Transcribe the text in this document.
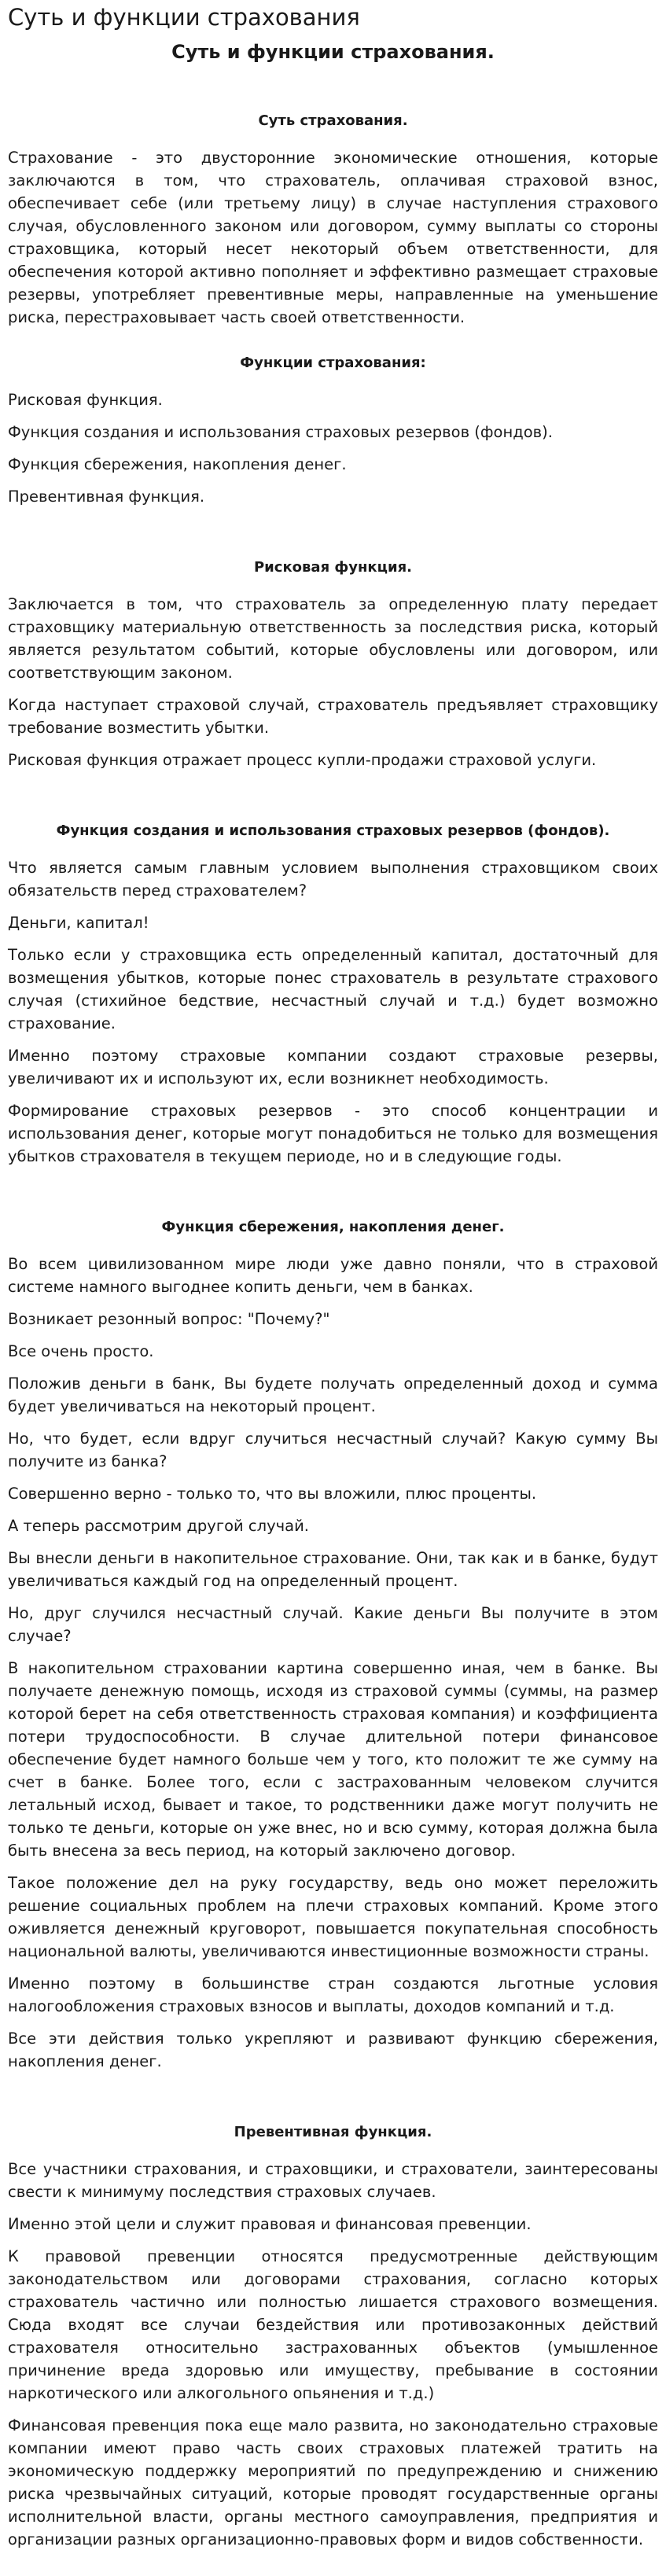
Суть и функции страхования
Суть и функции страхования.
Суть страхования.

Страхование - это двусторонние экономические отношения, которые заключаются в том, что страхователь, оплачивая страховой взнос, обеспечивает себе (или третьему лицу) в случае наступления страхового случая, обусловленного законом или договором, сумму выплаты со стороны страховщика, который несет некоторый объем ответственности, для обеспечения которой активно пополняет и эффективно размещает страховые резервы, употребляет превентивные меры, направленные на уменьшение риска, перестраховывает часть своей ответственности.

Функции страхования:

Рисковая функция.

Функция создания и использования страховых резервов (фондов).

Функция сбережения, накопления денег.

Превентивная функция.

Рисковая функция.

Заключается в том, что страхователь за определенную плату передает страховщику материальную ответственность за последствия риска, который является результатом событий, которые обусловлены или договором, или соответствующим законом.

Когда наступает страховой случай, страхователь предъявляет страховщику требование возместить убытки.

Рисковая функция отражает процесс купли-продажи страховой услуги.

Функция создания и использования страховых резервов (фондов).

Что является самым главным условием выполнения страховщиком своих обязательств перед страхователем?

Деньги, капитал!

Только если у страховщика есть определенный капитал, достаточный для возмещения убытков, которые понес страхователь в результате страхового случая (стихийное бедствие, несчастный случай и т.д.) будет возможно страхование.

Именно поэтому страховые компании создают страховые резервы, увеличивают их и используют их, если возникнет необходимость.

Формирование страховых резервов - это способ концентрации и использования денег, которые могут понадобиться не только для возмещения убытков страхователя в текущем периоде, но и в следующие годы.

Функция сбережения, накопления денег.

Во всем цивилизованном мире люди уже давно поняли, что в страховой системе намного выгоднее копить деньги, чем в банках.

Возникает резонный вопрос: "Почему?"

Все очень просто.

Положив деньги в банк, Вы будете получать определенный доход и сумма будет увеличиваться на некоторый процент.

Но, что будет, если вдруг случиться несчастный случай? Какую сумму Вы получите из банка?

Совершенно верно - только то, что вы вложили, плюс проценты.

А теперь рассмотрим другой случай.

Вы внесли деньги в накопительное страхование. Они, так как и в банке, будут увеличиваться каждый год на определенный процент.

Но, друг случился несчастный случай. Какие деньги Вы получите в этом случае?

В накопительном страховании картина совершенно иная, чем в банке. Вы получаете денежную помощь, исходя из страховой суммы (суммы, на размер которой берет на себя ответственность страховая компания) и коэффициента потери трудоспособности. В случае длительной потери финансовое обеспечение будет намного больше чем у того, кто положит те же сумму на счет в банке. Более того, если с застрахованным человеком случится летальный исход, бывает и такое, то родственники даже могут получить не только те деньги, которые он уже внес, но и всю сумму, которая должна была быть внесена за весь период, на который заключено договор.

Такое положение дел на руку государству, ведь оно может переложить решение социальных проблем на плечи страховых компаний. Кроме этого оживляется денежный круговорот, повышается покупательная способность национальной валюты, увеличиваются инвестиционные возможности страны.

Именно поэтому в большинстве стран создаются льготные условия налогообложения страховых взносов и выплаты, доходов компаний и т.д.

Все эти действия только укрепляют и развивают функцию сбережения, накопления денег.

Превентивная функция.

Все участники страхования, и страховщики, и страхователи, заинтересованы свести к минимуму последствия страховых случаев.

Именно этой цели и служит правовая и финансовая превенции.

К правовой превенции относятся предусмотренные действующим законодательством или договорами страхования, согласно которых страхователь частично или полностью лишается страхового возмещения. Сюда входят все случаи бездействия или противозаконных действий страхователя относительно застрахованных объектов (умышленное причинение вреда здоровью или имуществу, пребывание в состоянии наркотического или алкогольного опьянения и т.д.)

Финансовая превенция пока еще мало развита, но законодательно страховые компании имеют право часть своих страховых платежей тратить на экономическую поддержку мероприятий по предупреждению и снижению риска чрезвычайных ситуаций, которые проводят государственные органы исполнительной власти, органы местного самоуправления, предприятия и организации разных организационно-правовых форм и видов собственности.
